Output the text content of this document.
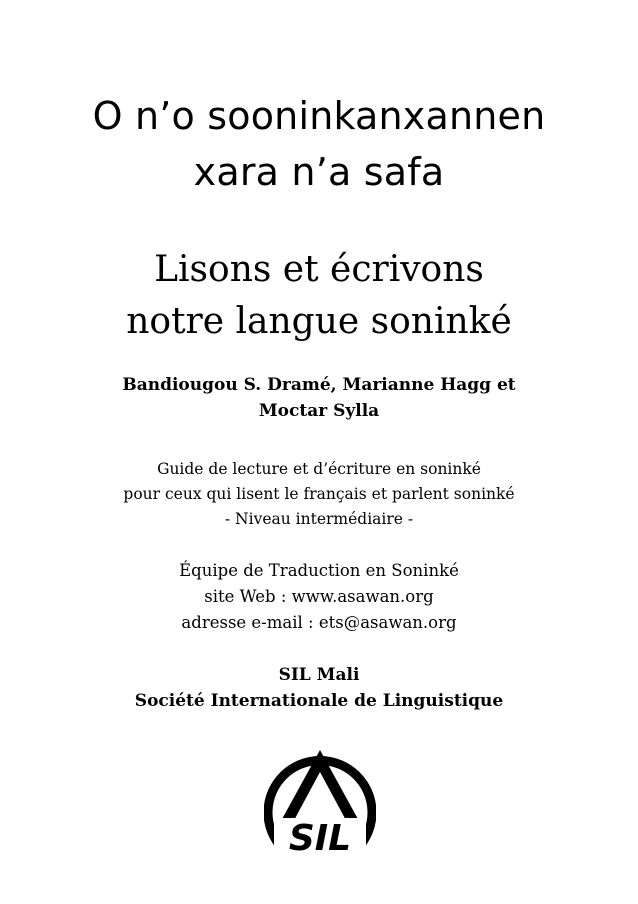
O n’o sooninkanxannen
xara n’a safa
Lisons et écrivons
notre langue soninké
Bandiougou S. Dramé, Marianne Hagg et
Moctar Sylla
Guide de lecture et d’écriture en soninké
pour ceux qui lisent le français et parlent soninké
- Niveau intermédiaire -
Équipe de Traduction en Soninké
site Web : www.asawan.org
adresse e-mail : ets@asawan.org
SIL Mali
Société Internationale de Linguistique
SIL
